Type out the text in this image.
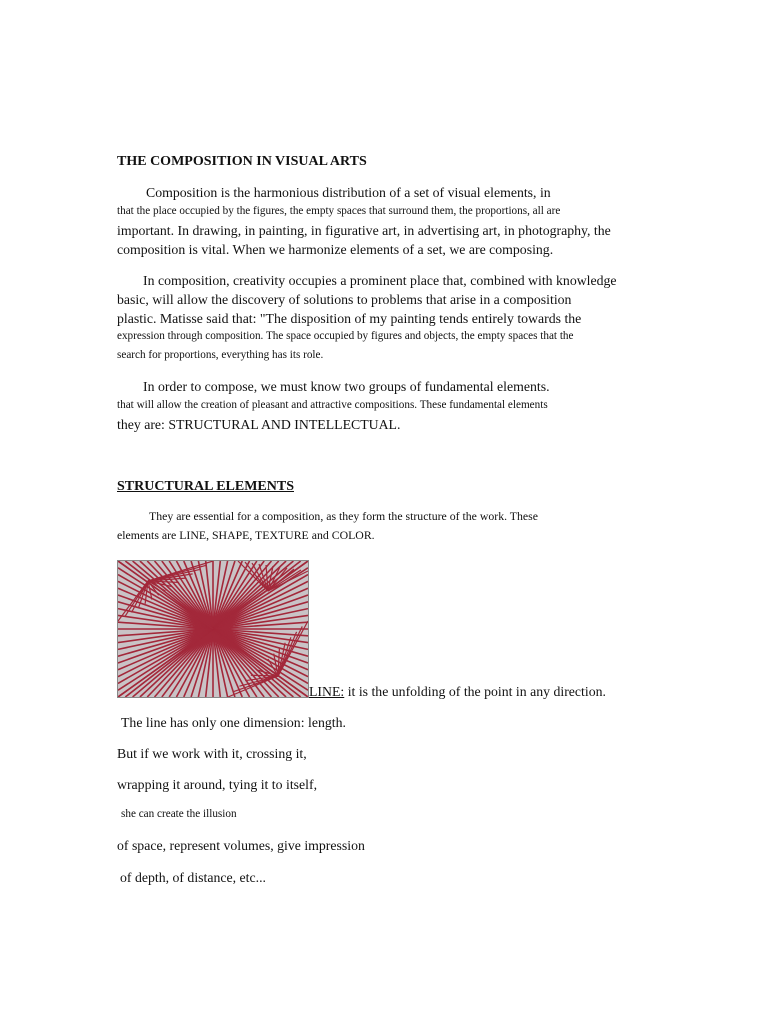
THE COMPOSITION IN VISUAL ARTS
Composition is the harmonious distribution of a set of visual elements, in
that the place occupied by the figures, the empty spaces that surround them, the proportions, all are
important. In drawing, in painting, in figurative art, in advertising art, in photography, the
composition is vital. When we harmonize elements of a set, we are composing.
In composition, creativity occupies a prominent place that, combined with knowledge
basic, will allow the discovery of solutions to problems that arise in a composition
plastic. Matisse said that: "The disposition of my painting tends entirely towards the
expression through composition. The space occupied by figures and objects, the empty spaces that the
search for proportions, everything has its role.
In order to compose, we must know two groups of fundamental elements.
that will allow the creation of pleasant and attractive compositions. These fundamental elements
they are: STRUCTURAL AND INTELLECTUAL.
STRUCTURAL ELEMENTS
They are essential for a composition, as they form the structure of the work. These
elements are LINE, SHAPE, TEXTURE and COLOR.
LINE: it is the unfolding of the point in any direction.
The line has only one dimension: length.
But if we work with it, crossing it,
wrapping it around, tying it to itself,
she can create the illusion
of space, represent volumes, give impression
of depth, of distance, etc...
